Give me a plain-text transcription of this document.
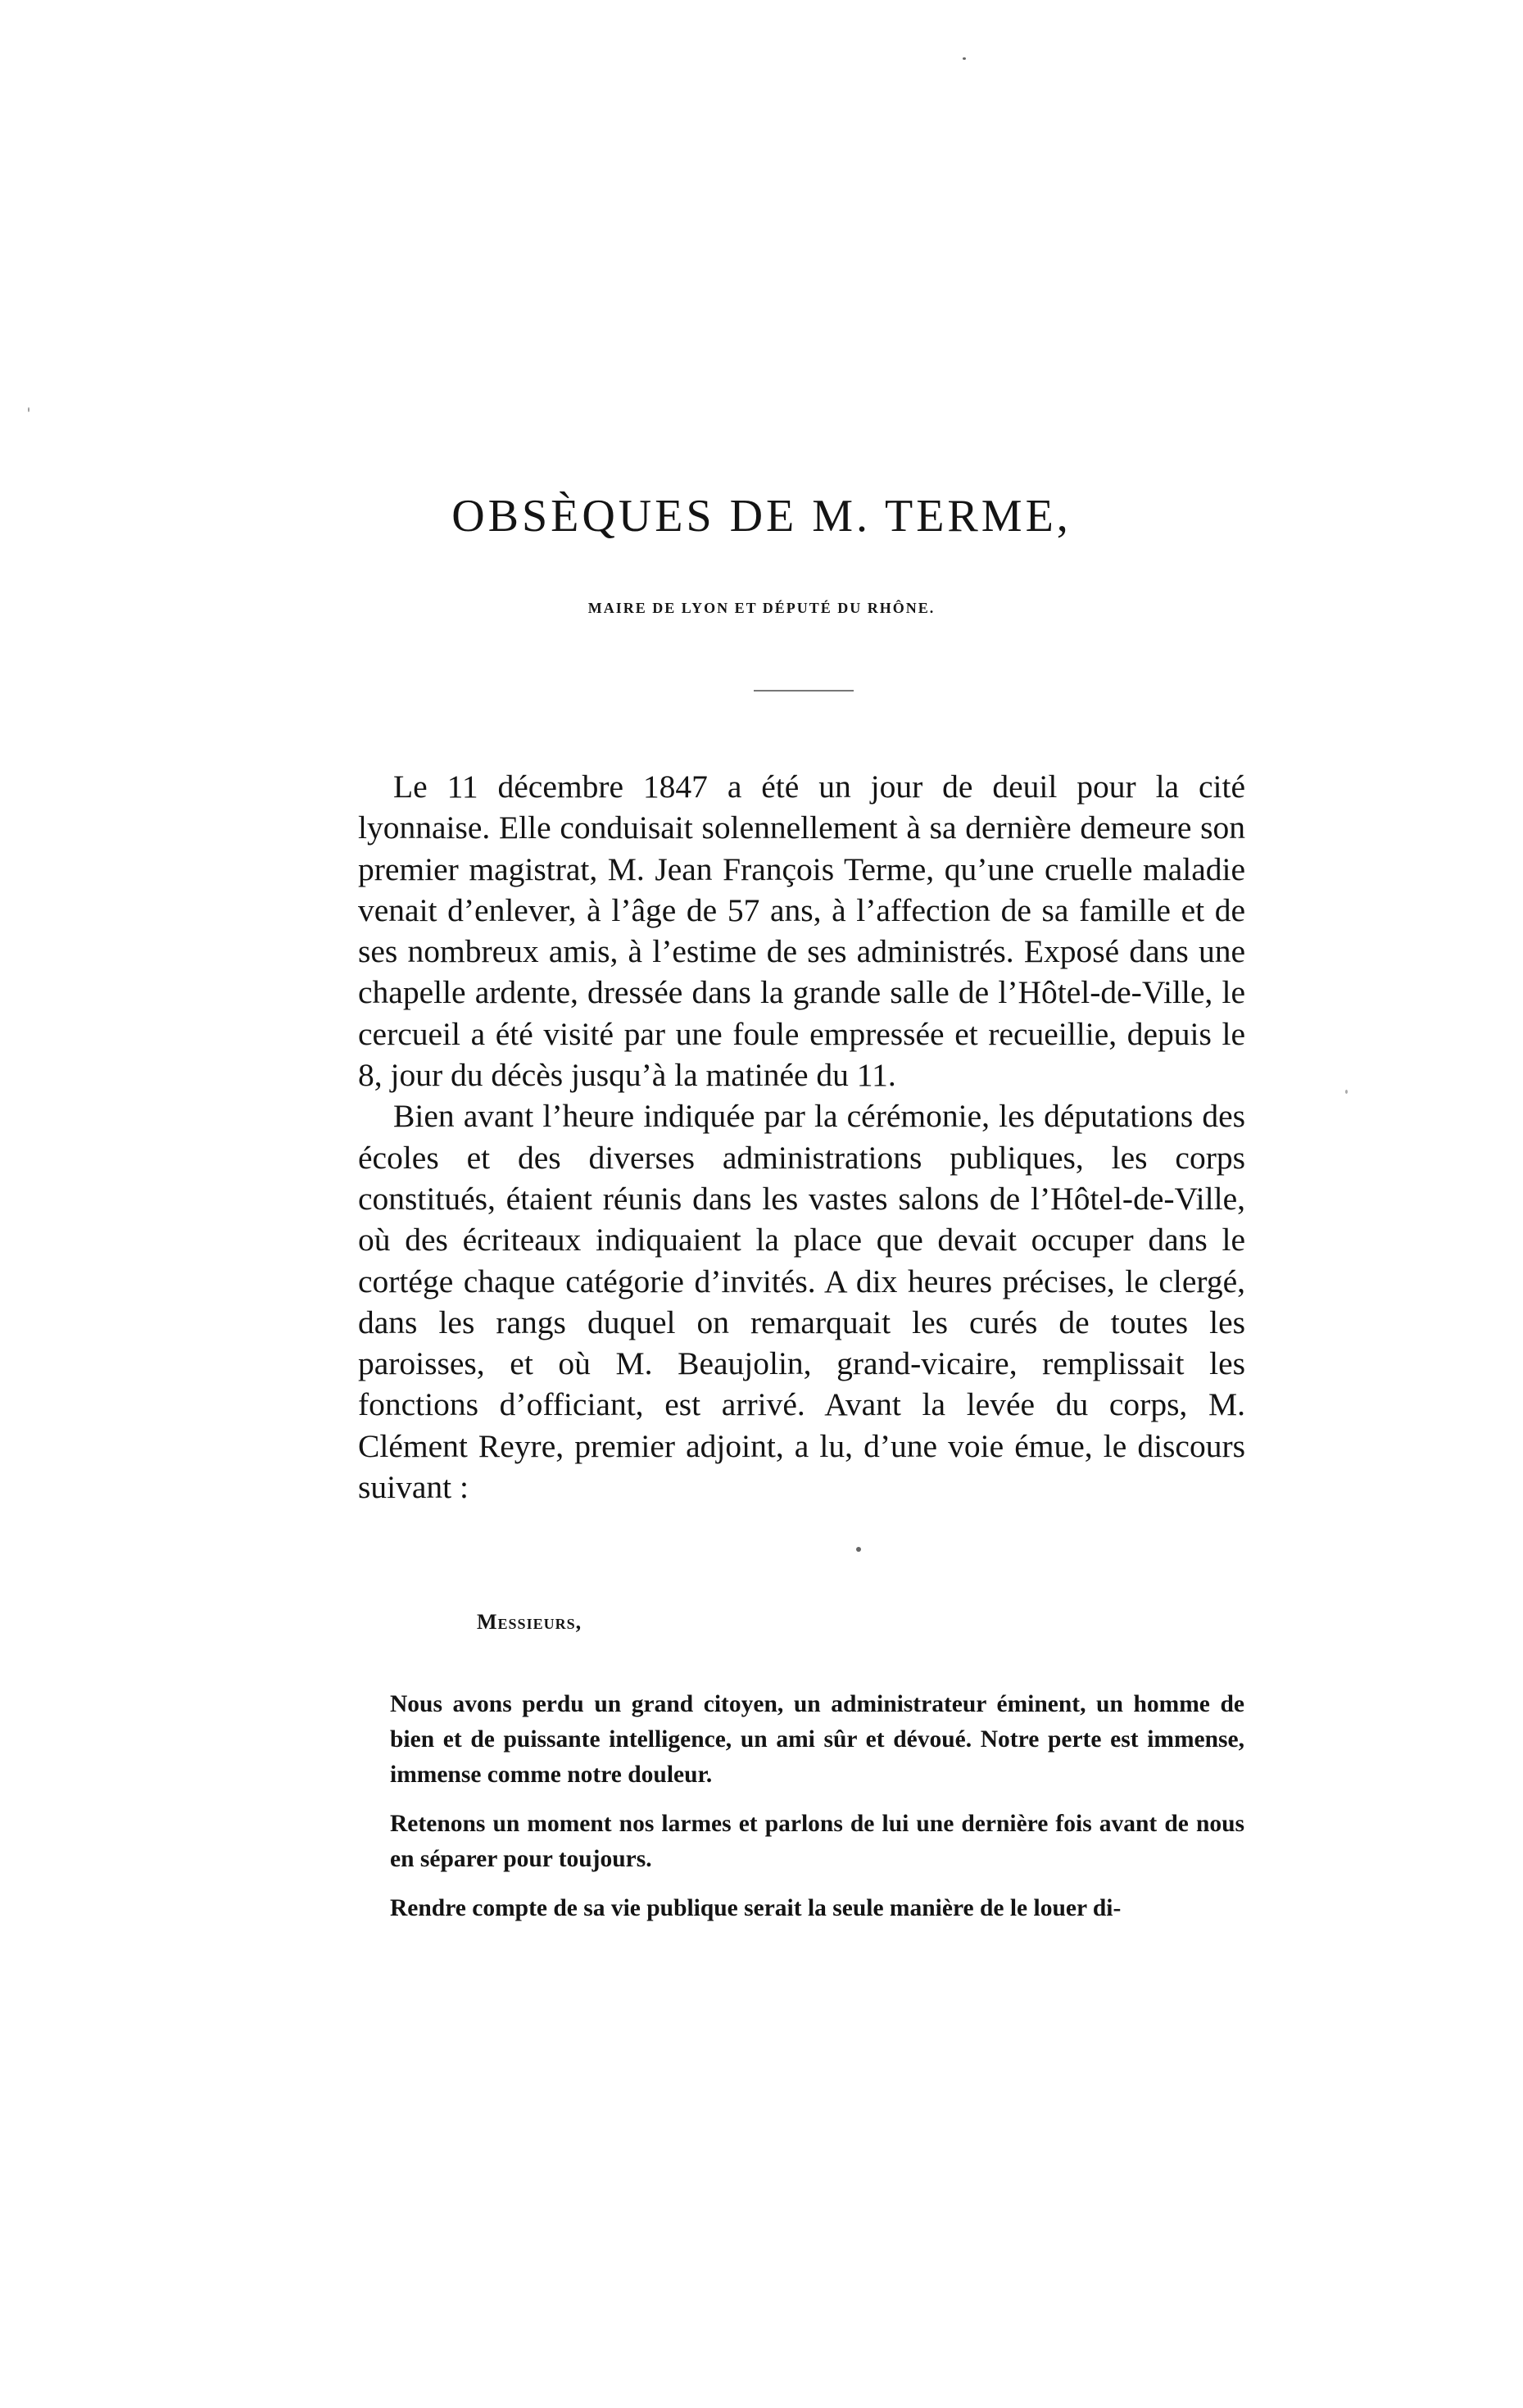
OBSÈQUES DE M. TERME,
MAIRE DE LYON ET DÉPUTÉ DU RHÔNE.

Le 11 décembre 1847 a été un jour de deuil pour la cité lyonnaise. Elle conduisait solennellement à sa dernière demeure son premier magistrat, M. Jean François Terme, qu’une cruelle maladie venait d’enlever, à l’âge de 57 ans, à l’affection de sa famille et de ses nombreux amis, à l’estime de ses administrés. Exposé dans une chapelle ardente, dressée dans la grande salle de l’Hôtel-de-Ville, le cercueil a été visité par une foule empressée et recueillie, depuis le 8, jour du décès jusqu’à la matinée du 11.

Bien avant l’heure indiquée par la cérémonie, les députations des écoles et des diverses administrations publiques, les corps constitués, étaient réunis dans les vastes salons de l’Hôtel-de-Ville, où des écriteaux indiquaient la place que devait occuper dans le cortége chaque catégorie d’invités. A dix heures précises, le clergé, dans les rangs duquel on remarquait les curés de toutes les paroisses, et où M. Beaujolin, grand-vicaire, remplissait les fonctions d’officiant, est arrivé. Avant la levée du corps, M. Clément Reyre, premier adjoint, a lu, d’une voie émue, le discours suivant :

Messieurs,

Nous avons perdu un grand citoyen, un administrateur éminent, un homme de bien et de puissante intelligence, un ami sûr et dévoué. Notre perte est immense, immense comme notre douleur.

Retenons un moment nos larmes et parlons de lui une dernière fois avant de nous en séparer pour toujours.

Rendre compte de sa vie publique serait la seule manière de le louer di-
